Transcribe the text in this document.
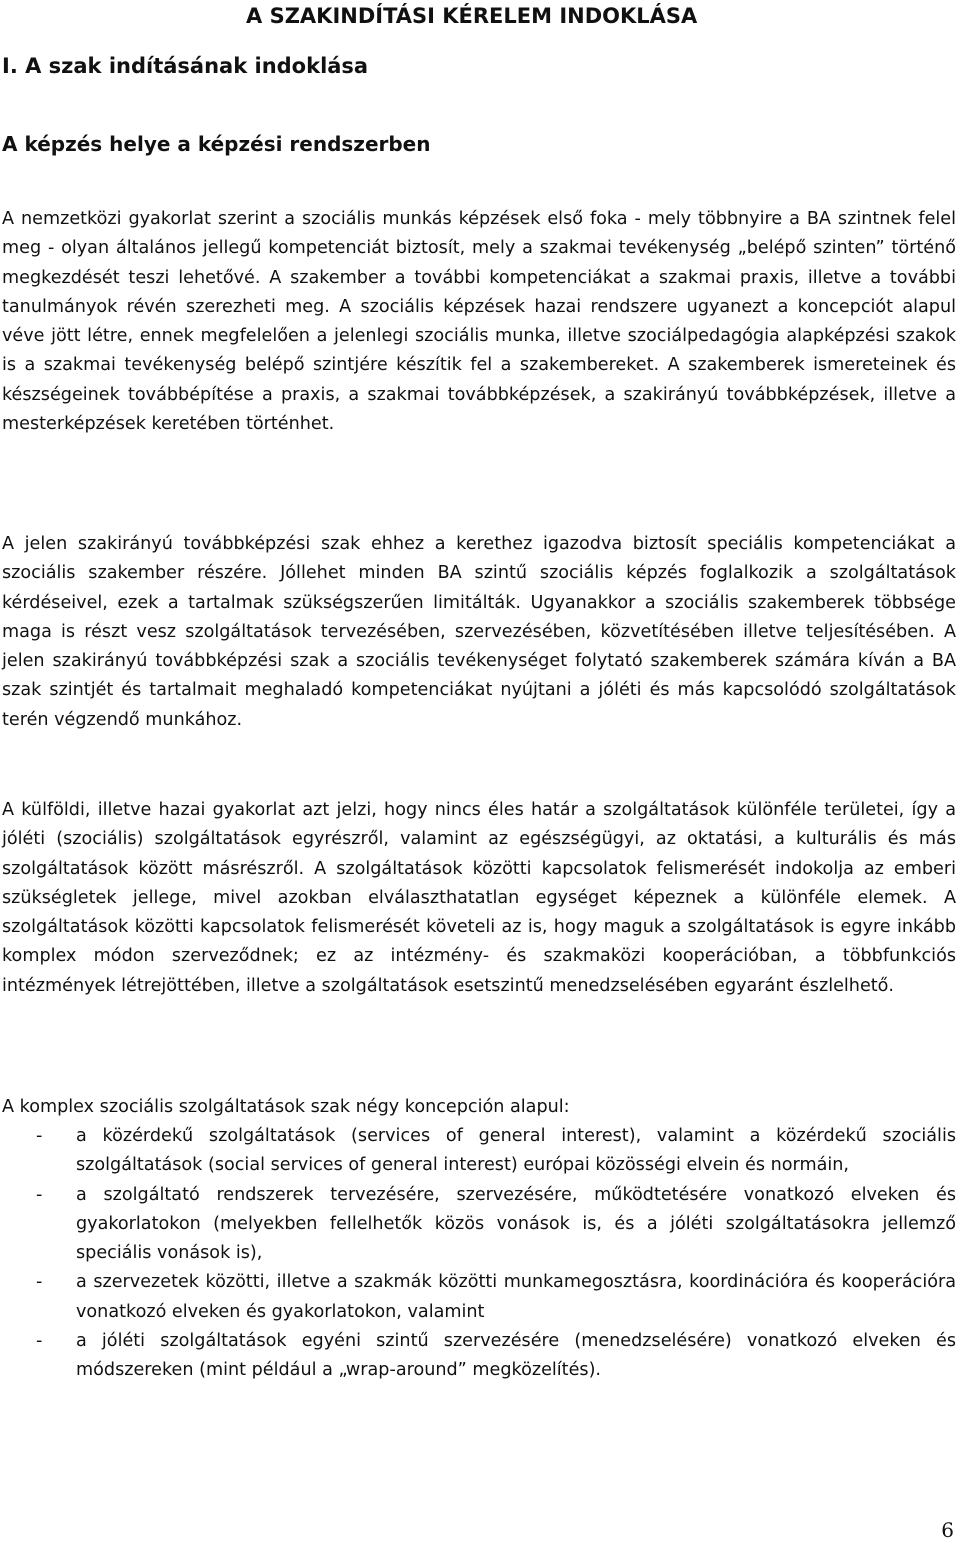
A SZAKINDÍTÁSI KÉRELEM INDOKLÁSA
I. A szak indításának indoklása
A képzés helye a képzési rendszerben

A nemzetközi gyakorlat szerint a szociális munkás képzések első foka - mely többnyire a BA szintnek felel meg - olyan általános jellegű kompetenciát biztosít, mely a szakmai tevékenység „belépő szinten” történő megkezdését teszi lehetővé. A szakember a további kompetenciákat a szakmai praxis, illetve a további tanulmányok révén szerezheti meg. A szociális képzések hazai rendszere ugyanezt a koncepciót alapul véve jött létre, ennek megfelelően a jelenlegi szociális munka, illetve szociálpedagógia alapképzési szakok is a szakmai tevékenység belépő szintjére készítik fel a szakembereket. A szakemberek ismereteinek és készségeinek továbbépítése a praxis, a szakmai továbbképzések, a szakirányú továbbképzések, illetve a mesterképzések keretében történhet.

A jelen szakirányú továbbképzési szak ehhez a kerethez igazodva biztosít speciális kompetenciákat a szociális szakember részére. Jóllehet minden BA szintű szociális képzés foglalkozik a szolgáltatások kérdéseivel, ezek a tartalmak szükségszerűen limitálták. Ugyanakkor a szociális szakemberek többsége maga is részt vesz szolgáltatások tervezésében, szervezésében, közvetítésében illetve teljesítésében. A jelen szakirányú továbbképzési szak a szociális tevékenységet folytató szakemberek számára kíván a BA szak szintjét és tartalmait meghaladó kompetenciákat nyújtani a jóléti és más kapcsolódó szolgáltatások terén végzendő munkához.

A külföldi, illetve hazai gyakorlat azt jelzi, hogy nincs éles határ a szolgáltatások különféle területei, így a jóléti (szociális) szolgáltatások egyrészről, valamint az egészségügyi, az oktatási, a kulturális és más szolgáltatások között másrészről. A szolgáltatások közötti kapcsolatok felismerését indokolja az emberi szükségletek jellege, mivel azokban elválaszthatatlan egységet képeznek a különféle elemek. A szolgáltatások közötti kapcsolatok felismerését követeli az is, hogy maguk a szolgáltatások is egyre inkább komplex módon szerveződnek; ez az intézmény- és szakmaközi kooperációban, a többfunkciós intézmények létrejöttében, illetve a szolgáltatások esetszintű menedzselésében egyaránt észlelhető.

A komplex szociális szolgáltatások szak négy koncepción alapul:

- a közérdekű szolgáltatások (services of general interest), valamint a közérdekű szociális szolgáltatások (social services of general interest) európai közösségi elvein és normáin,
- a szolgáltató rendszerek tervezésére, szervezésére, működtetésére vonatkozó elveken és gyakorlatokon (melyekben fellelhetők közös vonások is, és a jóléti szolgáltatásokra jellemző speciális vonások is),
- a szervezetek közötti, illetve a szakmák közötti munkamegosztásra, koordinációra és kooperációra vonatkozó elveken és gyakorlatokon, valamint
- a jóléti szolgáltatások egyéni szintű szervezésére (menedzselésére) vonatkozó elveken és módszereken (mint például a „wrap-around” megközelítés).
6
